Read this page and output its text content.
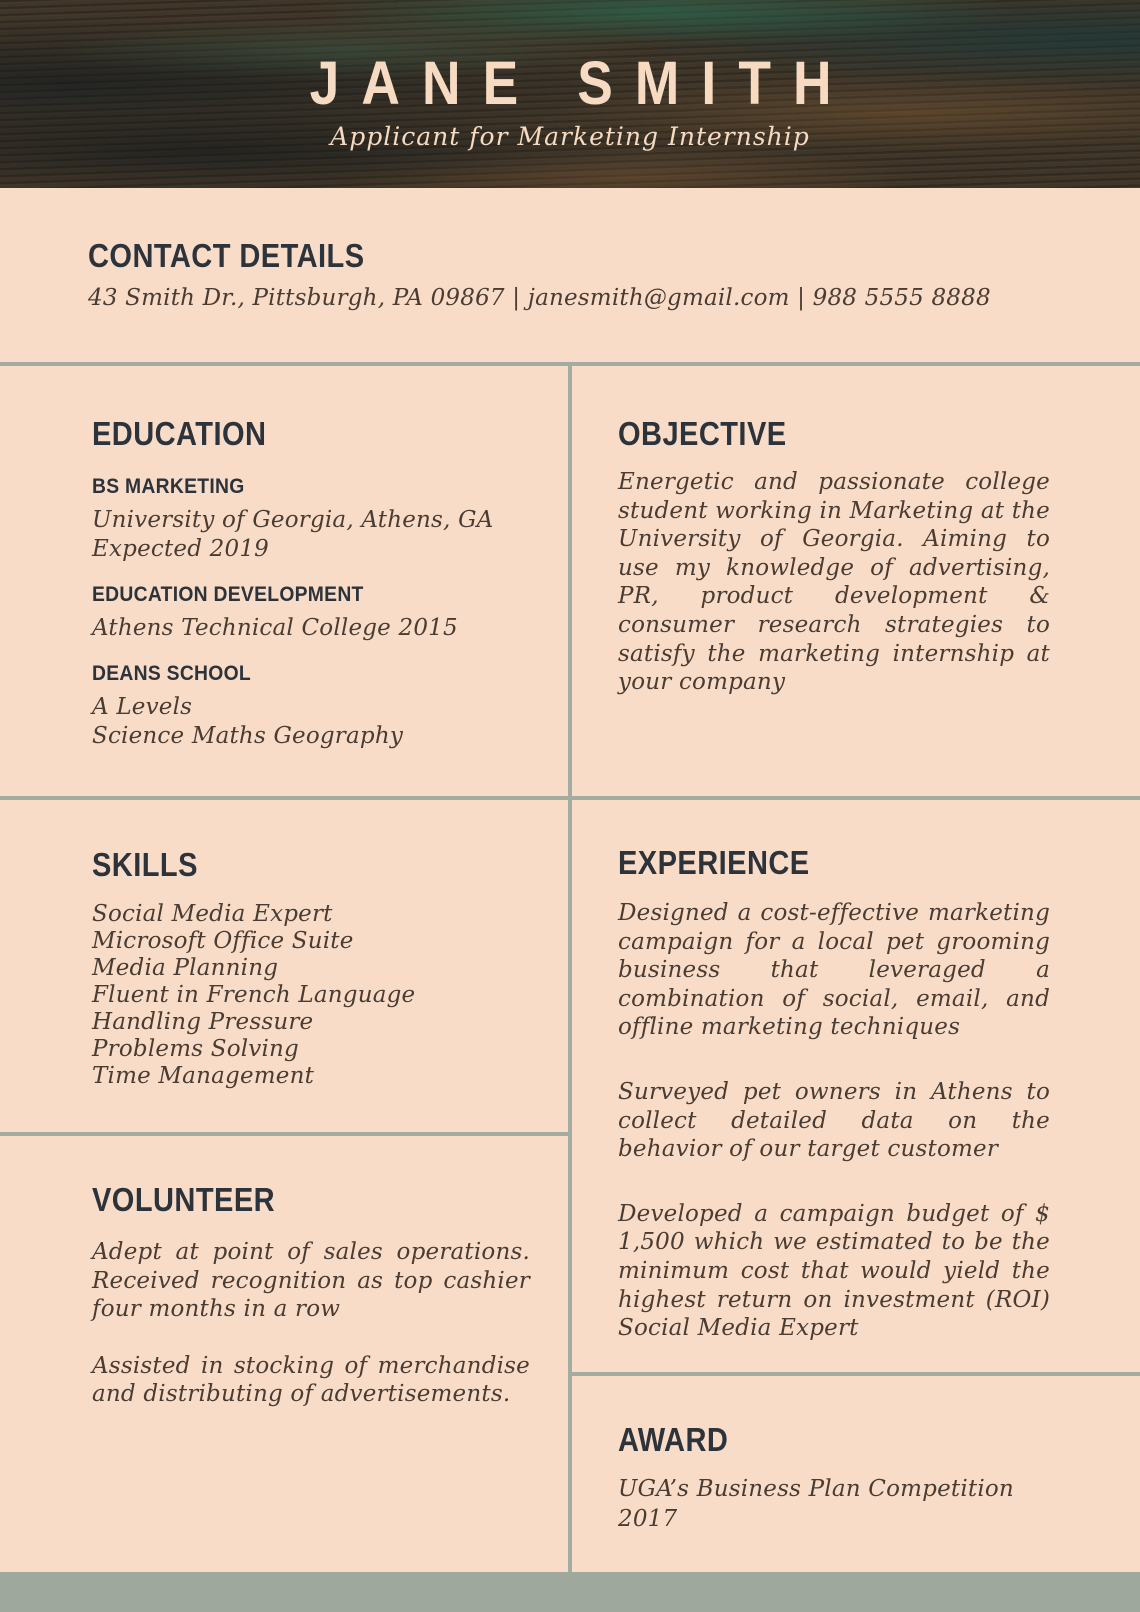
JANE SMITH
Applicant for Marketing Internship
CONTACT DETAILS

43 Smith Dr., Pittsburgh, PA 09867 | janesmith@gmail.com | 988 5555 8888

EDUCATION
BS MARKETING

University of Georgia, Athens, GA

Expected 2019

EDUCATION DEVELOPMENT

Athens Technical College 2015

DEANS SCHOOL

A Levels

Science Maths Geography

OBJECTIVE

Energetic and passionate college student working in Marketing at the University of Georgia. Aiming to use my knowledge of advertising, PR, product development & consumer research strategies to satisfy the marketing internship at your company

SKILLS

Social Media Expert

Microsoft Office Suite

Media Planning

Fluent in French Language

Handling Pressure

Problems Solving

Time Management

EXPERIENCE

Designed a cost-effective marketing campaign for a local pet grooming business that leveraged a combination of social, email, and offline marketing techniques

Surveyed pet owners in Athens to collect detailed data on the behavior of our target customer

Developed a campaign budget of $ 1,500 which we estimated to be the minimum cost that would yield the highest return on investment (ROI) Social Media Expert

VOLUNTEER

Adept at point of sales operations. Received recognition as top cashier four months in a row

Assisted in stocking of merchandise and distributing of advertisements.

AWARD

UGA’s Business Plan Competition

2017
